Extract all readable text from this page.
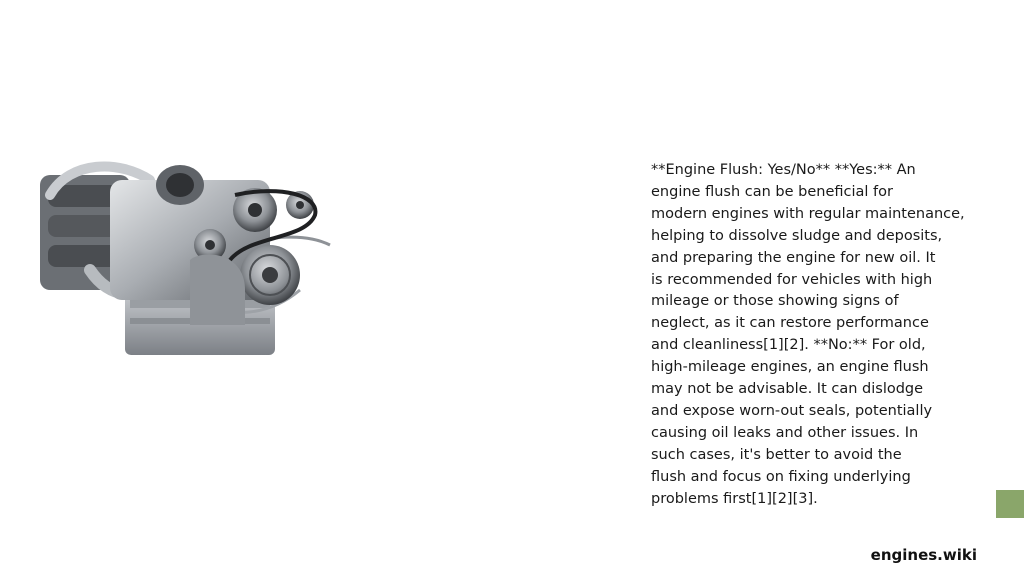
**Engine Flush: Yes/No** **Yes:** An
engine flush can be beneficial for
modern engines with regular maintenance,
helping to dissolve sludge and deposits,
and preparing the engine for new oil. It
is recommended for vehicles with high
mileage or those showing signs of
neglect, as it can restore performance
and cleanliness[1][2]. **No:** For old,
high-mileage engines, an engine flush
may not be advisable. It can dislodge
and expose worn-out seals, potentially
causing oil leaks and other issues. In
such cases, it's better to avoid the
flush and focus on fixing underlying
problems first[1][2][3].

engines.wiki
